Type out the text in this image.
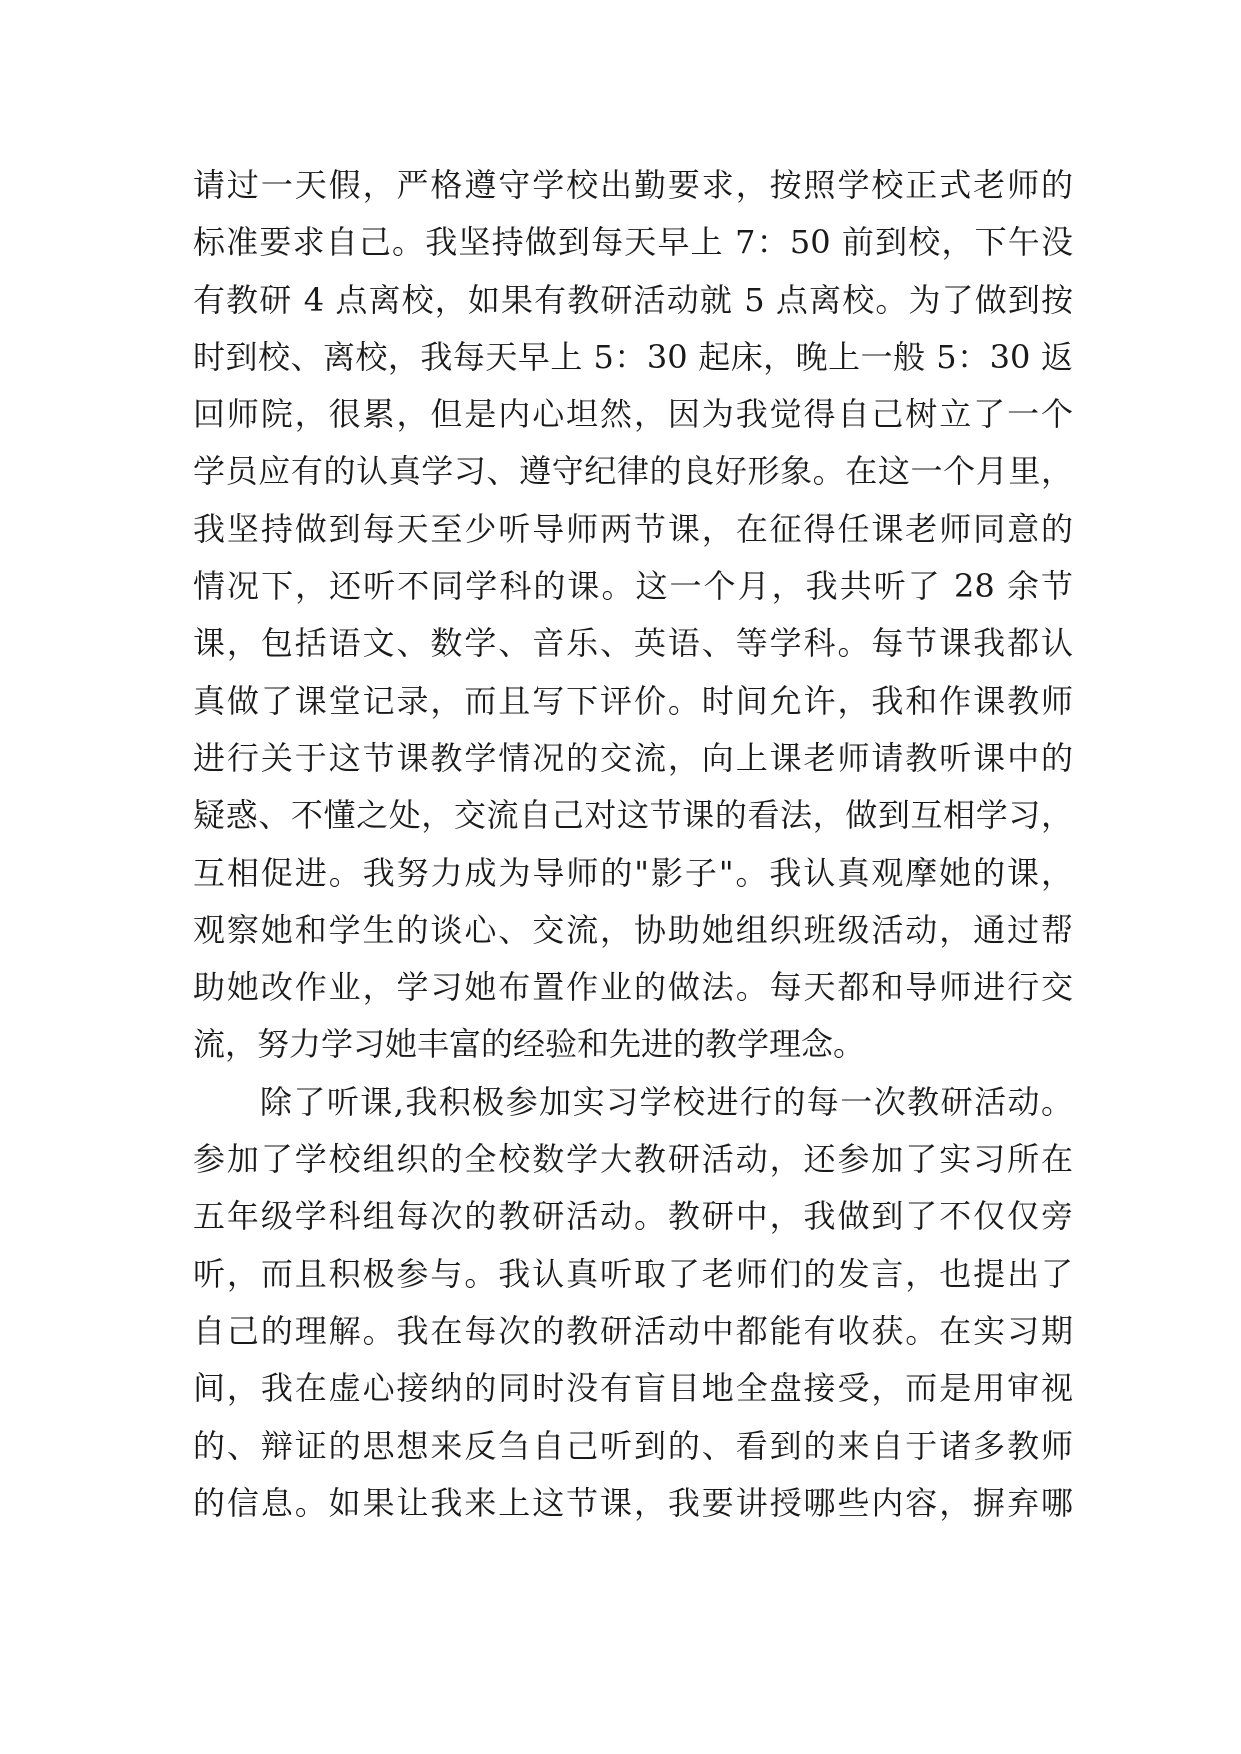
请过一天假，严格遵守学校出勤要求，按照学校正式老师的
标准要求自己。我坚持做到每天早上 7：50 前到校，下午没
有教研 4 点离校，如果有教研活动就 5 点离校。为了做到按
时到校、离校，我每天早上 5：30 起床，晚上一般 5：30 返
回师院，很累，但是内心坦然，因为我觉得自己树立了一个
学员应有的认真学习、遵守纪律的良好形象。在这一个月里，
我坚持做到每天至少听导师两节课，在征得任课老师同意的
情况下，还听不同学科的课。这一个月，我共听了 28 余节
课，包括语文、数学、音乐、英语、等学科。每节课我都认
真做了课堂记录，而且写下评价。时间允许，我和作课教师
进行关于这节课教学情况的交流，向上课老师请教听课中的
疑惑、不懂之处，交流自己对这节课的看法，做到互相学习，
互相促进。我努力成为导师的"影子"。我认真观摩她的课，
观察她和学生的谈心、交流，协助她组织班级活动，通过帮
助她改作业，学习她布置作业的做法。每天都和导师进行交
流，努力学习她丰富的经验和先进的教学理念。
　　除了听课,我积极参加实习学校进行的每一次教研活动。
参加了学校组织的全校数学大教研活动，还参加了实习所在
五年级学科组每次的教研活动。教研中，我做到了不仅仅旁
听，而且积极参与。我认真听取了老师们的发言，也提出了
自己的理解。我在每次的教研活动中都能有收获。在实习期
间，我在虚心接纳的同时没有盲目地全盘接受，而是用审视
的、辩证的思想来反刍自己听到的、看到的来自于诸多教师
的信息。如果让我来上这节课，我要讲授哪些内容，摒弃哪
